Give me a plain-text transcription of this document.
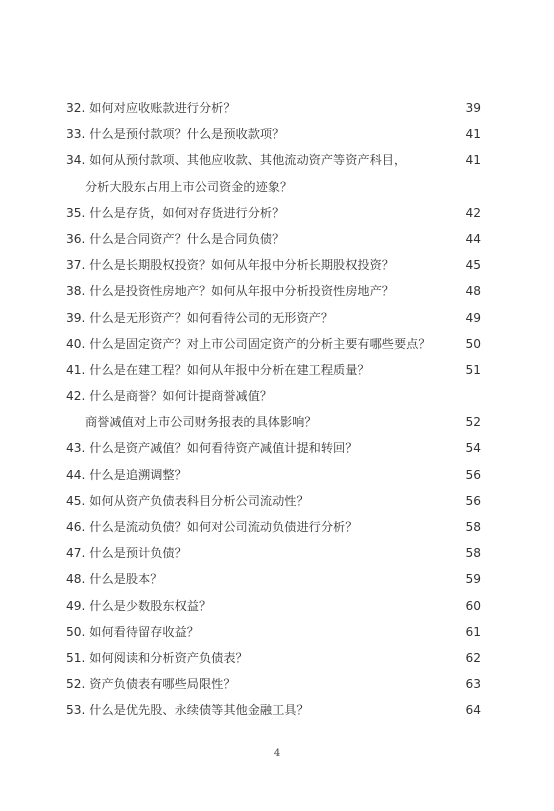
32. 如何对应收账款进行分析？	39
33. 什么是预付款项？什么是预收款项？	41
34. 如何从预付款项、其他应收款、其他流动资产等资产科目，	41
分析大股东占用上市公司资金的迹象？
35. 什么是存货，如何对存货进行分析？	42
36. 什么是合同资产？什么是合同负债？	44
37. 什么是长期股权投资？如何从年报中分析长期股权投资？	45
38. 什么是投资性房地产？如何从年报中分析投资性房地产？	48
39. 什么是无形资产？如何看待公司的无形资产？	49
40. 什么是固定资产？对上市公司固定资产的分析主要有哪些要点？	50
41. 什么是在建工程？如何从年报中分析在建工程质量？	51
42. 什么是商誉？如何计提商誉减值？
商誉减值对上市公司财务报表的具体影响？	52
43. 什么是资产减值？如何看待资产减值计提和转回？	54
44. 什么是追溯调整？	56
45. 如何从资产负债表科目分析公司流动性？	56
46. 什么是流动负债？如何对公司流动负债进行分析？	58
47. 什么是预计负债？	58
48. 什么是股本？	59
49. 什么是少数股东权益？	60
50. 如何看待留存收益？	61
51. 如何阅读和分析资产负债表？	62
52. 资产负债表有哪些局限性？	63
53. 什么是优先股、永续债等其他金融工具？	64
4
